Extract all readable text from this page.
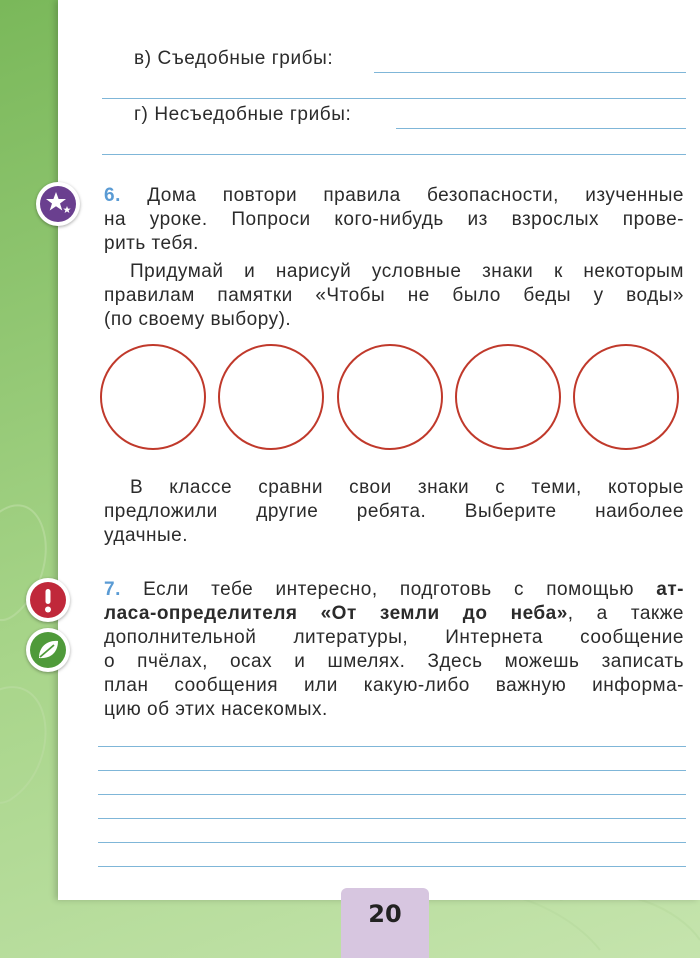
в) Съедобные грибы:
г) Несъедобные грибы:
6. Дома повтори правила безопасности, изученные
на уроке. Попроси кого-нибудь из взрослых прове-
рить тебя.
Придумай и нарисуй условные знаки к некоторым
правилам памятки «Чтобы не было беды у воды»
(по своему выбору).
В классе сравни свои знаки с теми, которые
предложили другие ребята. Выберите наиболее
удачные.
7. Если тебе интересно, подготовь с помощью ат-
ласа-определителя «От земли до неба», а также
дополнительной литературы, Интернета сообщение
о пчёлах, осах и шмелях. Здесь можешь записать
план сообщения или какую-либо важную информа-
цию об этих насекомых.
20
